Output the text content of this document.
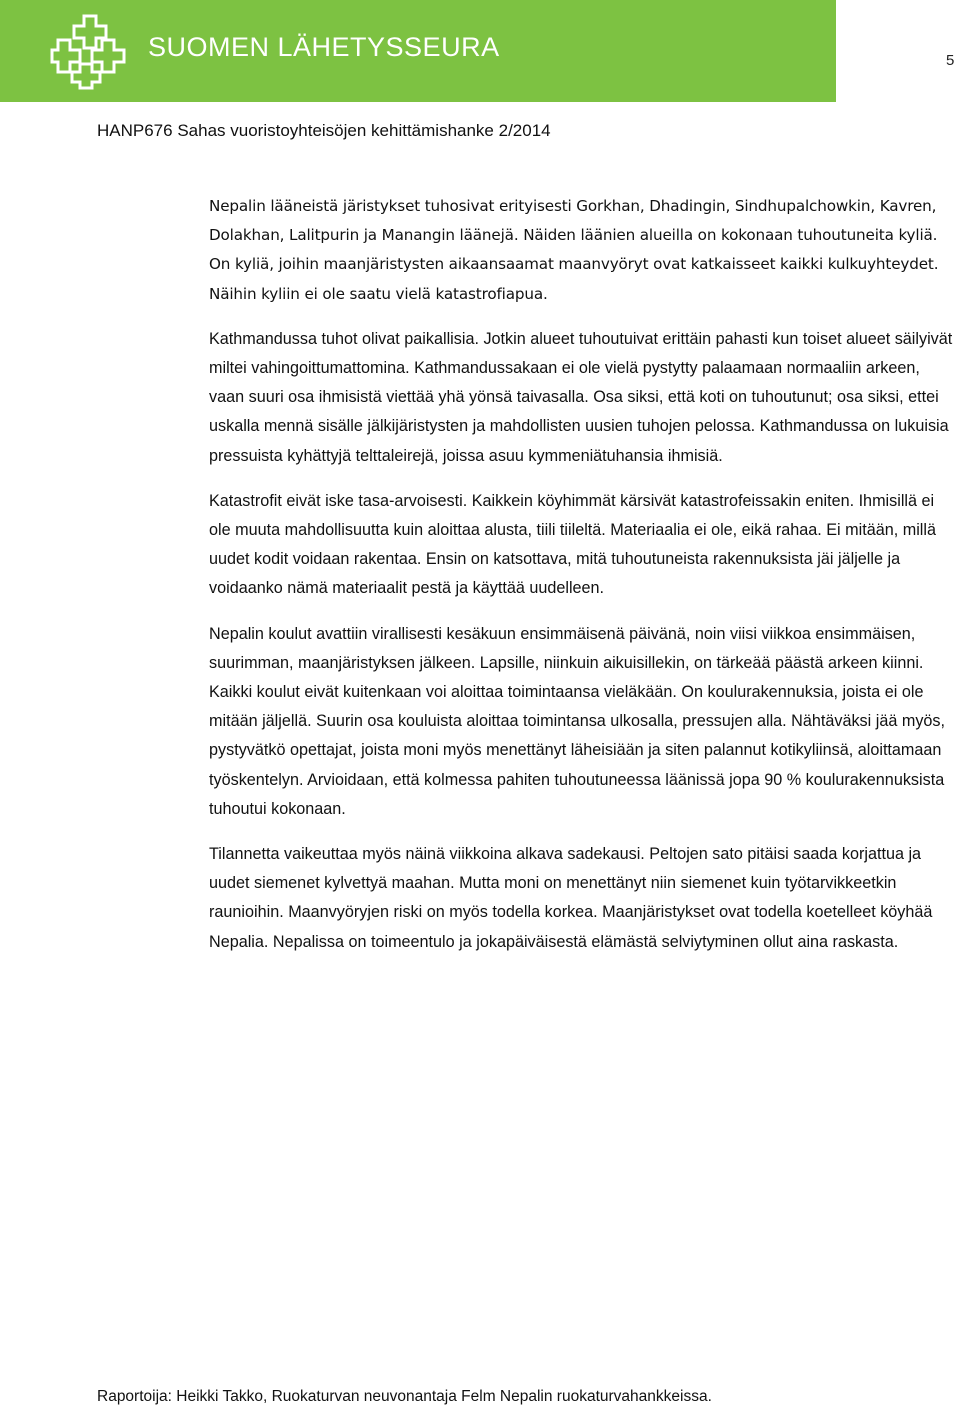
SUOMEN LÄHETYSSEURA	5
HANP676 Sahas vuoristoyhteisöjen kehittämishanke 2/2014

Nepalin lääneistä järistykset tuhosivat erityisesti Gorkhan, Dhadingin, Sindhupalchowkin, Kavren, Dolakhan, Lalitpurin ja Manangin läänejä. Näiden läänien alueilla on kokonaan tuhoutuneita kyliä. On kyliä, joihin maanjäristysten aikaansaamat maanvyöryt ovat katkaisseet kaikki kulkuyhteydet. Näihin kyliin ei ole saatu vielä katastrofiapua.

Kathmandussa tuhot olivat paikallisia. Jotkin alueet tuhoutuivat erittäin pahasti kun toiset alueet säilyivät miltei vahingoittumattomina. Kathmandussakaan ei ole vielä pystytty palaamaan normaaliin arkeen, vaan suuri osa ihmisistä viettää yhä yönsä taivasalla. Osa siksi, että koti on tuhoutunut; osa siksi, ettei uskalla mennä sisälle jälkijäristysten ja mahdollisten uusien tuhojen pelossa. Kathmandussa on lukuisia pressuista kyhättyjä telttaleirejä, joissa asuu kymmeniätuhansia ihmisiä.

Katastrofit eivät iske tasa-arvoisesti. Kaikkein köyhimmät kärsivät katastrofeissakin eniten. Ihmisillä ei ole muuta mahdollisuutta kuin aloittaa alusta, tiili tiileltä. Materiaalia ei ole, eikä rahaa. Ei mitään, millä uudet kodit voidaan rakentaa. Ensin on katsottava, mitä tuhoutuneista rakennuksista jäi jäljelle ja voidaanko nämä materiaalit pestä ja käyttää uudelleen.

Nepalin koulut avattiin virallisesti kesäkuun ensimmäisenä päivänä, noin viisi viikkoa ensimmäisen, suurimman, maanjäristyksen jälkeen. Lapsille, niinkuin aikuisillekin, on tärkeää päästä arkeen kiinni. Kaikki koulut eivät kuitenkaan voi aloittaa toimintaansa vieläkään. On koulurakennuksia, joista ei ole mitään jäljellä. Suurin osa kouluista aloittaa toimintansa ulkosalla, pressujen alla. Nähtäväksi jää myös, pystyvätkö opettajat, joista moni myös menettänyt läheisiään ja siten palannut kotikyliinsä, aloittamaan työskentelyn. Arvioidaan, että kolmessa pahiten tuhoutuneessa läänissä jopa 90 % koulurakennuksista tuhoutui kokonaan.

Tilannetta vaikeuttaa myös näinä viikkoina alkava sadekausi. Peltojen sato pitäisi saada korjattua ja uudet siemenet kylvettyä maahan. Mutta moni on menettänyt niin siemenet kuin työtarvikkeetkin raunioihin. Maanvyöryjen riski on myös todella korkea. Maanjäristykset ovat todella koetelleet köyhää Nepalia. Nepalissa on toimeentulo ja jokapäiväisestä elämästä selviytyminen ollut aina raskasta.

Raportoija: Heikki Takko, Ruokaturvan neuvonantaja Felm Nepalin ruokaturvahankkeissa.
